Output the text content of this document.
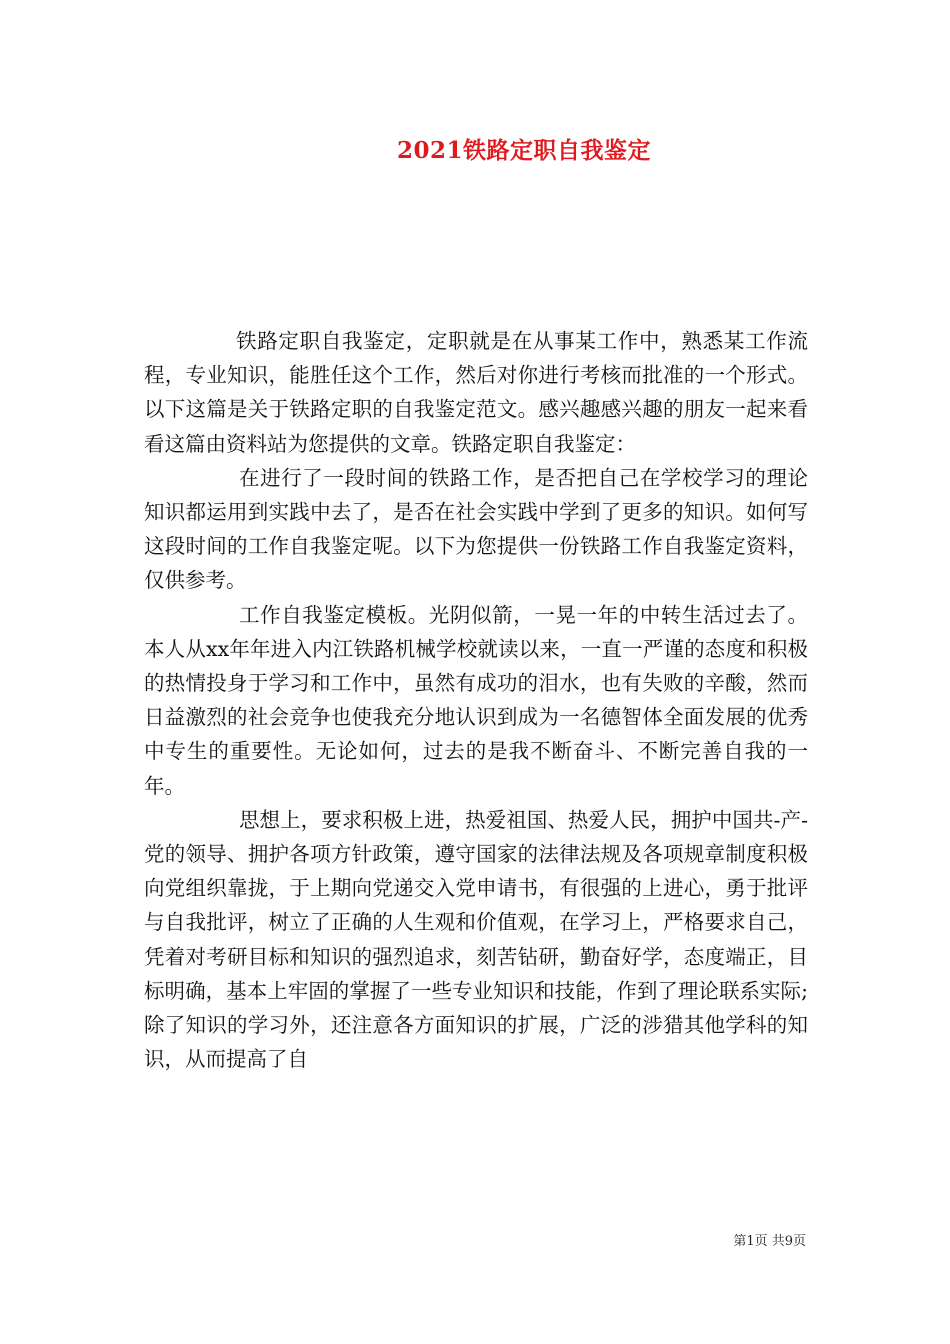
2021铁路定职自我鉴定

铁路定职自我鉴定，定职就是在从事某工作中，熟悉某工作流程，专业知识，能胜任这个工作，然后对你进行考核而批准的一个形式。以下这篇是关于铁路定职的自我鉴定范文。感兴趣感兴趣的朋友一起来看看这篇由资料站为您提供的文章。铁路定职自我鉴定：

在进行了一段时间的铁路工作，是否把自己在学校学习的理论知识都运用到实践中去了，是否在社会实践中学到了更多的知识。如何写这段时间的工作自我鉴定呢。以下为您提供一份铁路工作自我鉴定资料，仅供参考。

工作自我鉴定模板。光阴似箭，一晃一年的中转生活过去了。本人从xx年年进入内江铁路机械学校就读以来，一直一严谨的态度和积极的热情投身于学习和工作中，虽然有成功的泪水，也有失败的辛酸，然而日益激烈的社会竞争也使我充分地认识到成为一名德智体全面发展的优秀中专生的重要性。无论如何，过去的是我不断奋斗、不断完善自我的一年。

思想上，要求积极上进，热爱祖国、热爱人民，拥护中国共-产-党的领导、拥护各项方针政策，遵守国家的法律法规及各项规章制度积极向党组织靠拢，于上期向党递交入党申请书，有很强的上进心，勇于批评与自我批评，树立了正确的人生观和价值观，在学习上，严格要求自己，凭着对考研目标和知识的强烈追求，刻苦钻研，勤奋好学，态度端正，目标明确，基本上牢固的掌握了一些专业知识和技能，作到了理论联系实际;除了知识的学习外，还注意各方面知识的扩展，广泛的涉猎其他学科的知识，从而提高了自

第1页 共9页
